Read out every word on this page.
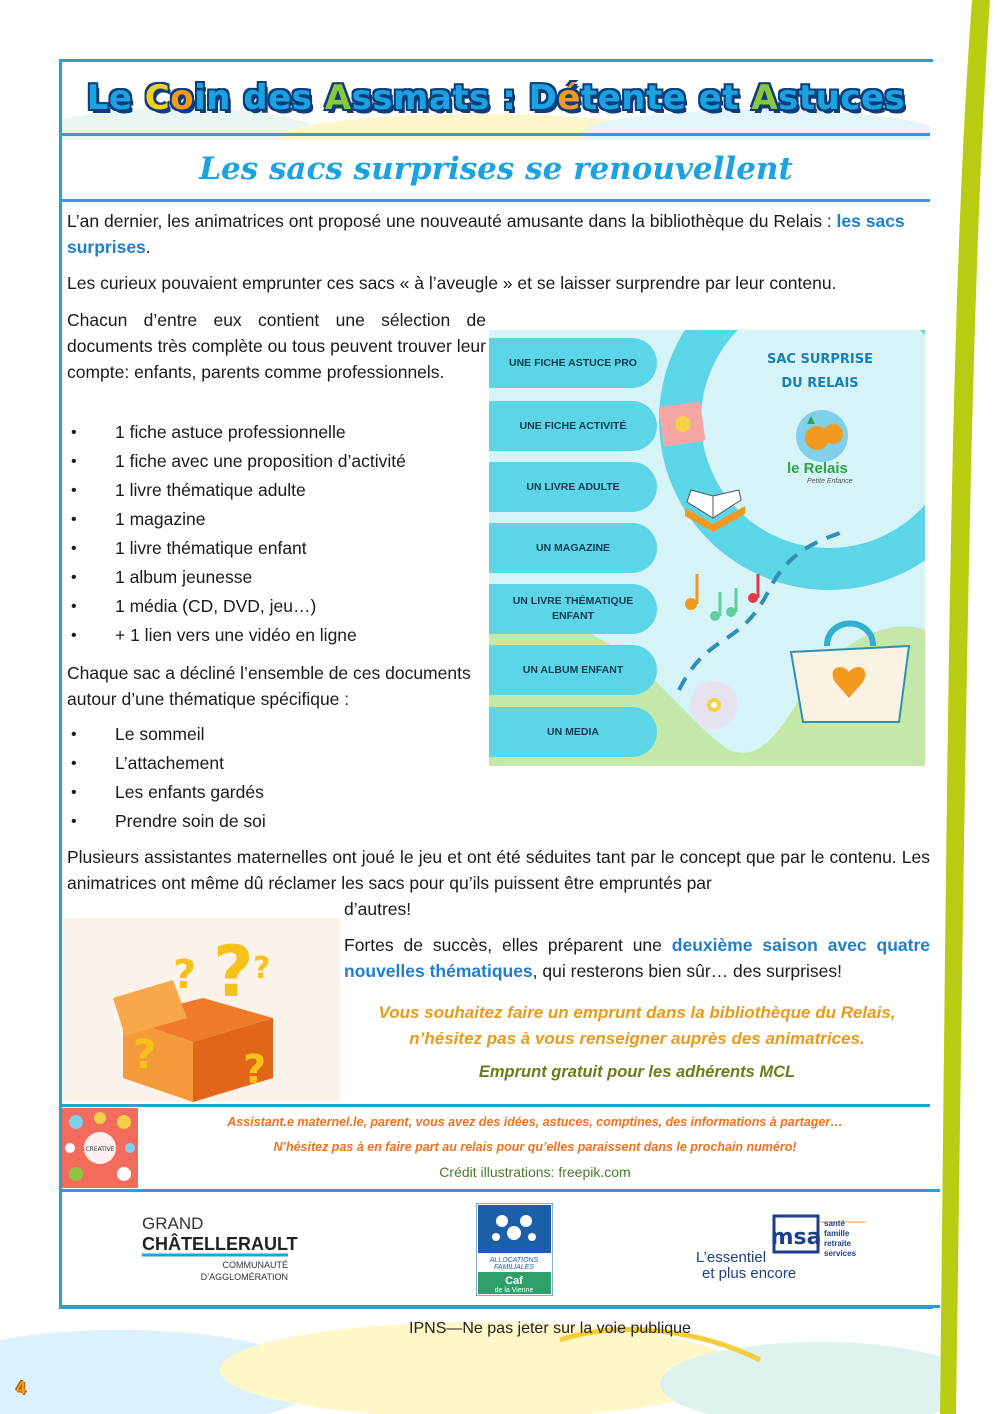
Le Coin des Assmats : Détente et Astuces
Les sacs surprises se renouvellent
L’an dernier, les animatrices ont proposé une nouveauté amusante dans la bibliothèque du Relais : les sacs surprises.
Les curieux pouvaient emprunter ces sacs « à l’aveugle » et se laisser surprendre par leur contenu.
Chacun d’entre eux contient une sélection de documents très complète ou tous peuvent trouver leur compte: enfants, parents comme professionnels.
• 1 fiche astuce professionnelle
• 1 fiche avec une proposition d’activité
• 1 livre thématique adulte
• 1 magazine
• 1 livre thématique enfant
• 1 album jeunesse
• 1 média (CD, DVD, jeu…)
• + 1 lien vers une vidéo en ligne
Chaque sac a décliné l’ensemble de ces documents autour d’une thématique spécifique :
• Le sommeil
• L’attachement
• Les enfants gardés
• Prendre soin de soi
UNE FICHE ASTUCE PRO
UNE FICHE ACTIVITÉ
UN LIVRE ADULTE
UN MAGAZINE
UN LIVRE THÉMATIQUE ENFANT
UN ALBUM ENFANT
UN MEDIA
SAC SURPRISE
DU RELAIS
le Relais
Petite Enfance
Plusieurs assistantes maternelles ont joué le jeu et ont été séduites tant par le concept que par le contenu. Les animatrices ont même dû réclamer les sacs pour qu’ils puissent être empruntés par
d’autres!
?
? ?
? ?
Fortes de succès, elles préparent une deuxième saison avec quatre nouvelles thématiques, qui resterons bien sûr… des surprises!
Vous souhaitez faire un emprunt dans la bibliothèque du Relais,
n’hésitez pas à vous renseigner auprès des animatrices.
Emprunt gratuit pour les adhérents MCL
CREATIVE
Assistant.e maternel.le, parent, vous avez des idées, astuces, comptines, des informations à partager…
N’hésitez pas à en faire part au relais pour qu’elles paraissent dans le prochain numéro!
Crédit illustrations: freepik.com
GRAND
CHÂTELLERAULT
COMMUNAUTÉ
D’AGGLOMÉRATION
ALLOCATIONS
FAMILIALES
Caf
de la Vienne
msa
santé
famille
retraite
services
L’essentiel
et plus encore
IPNS—Ne pas jeter sur la voie publique
4
